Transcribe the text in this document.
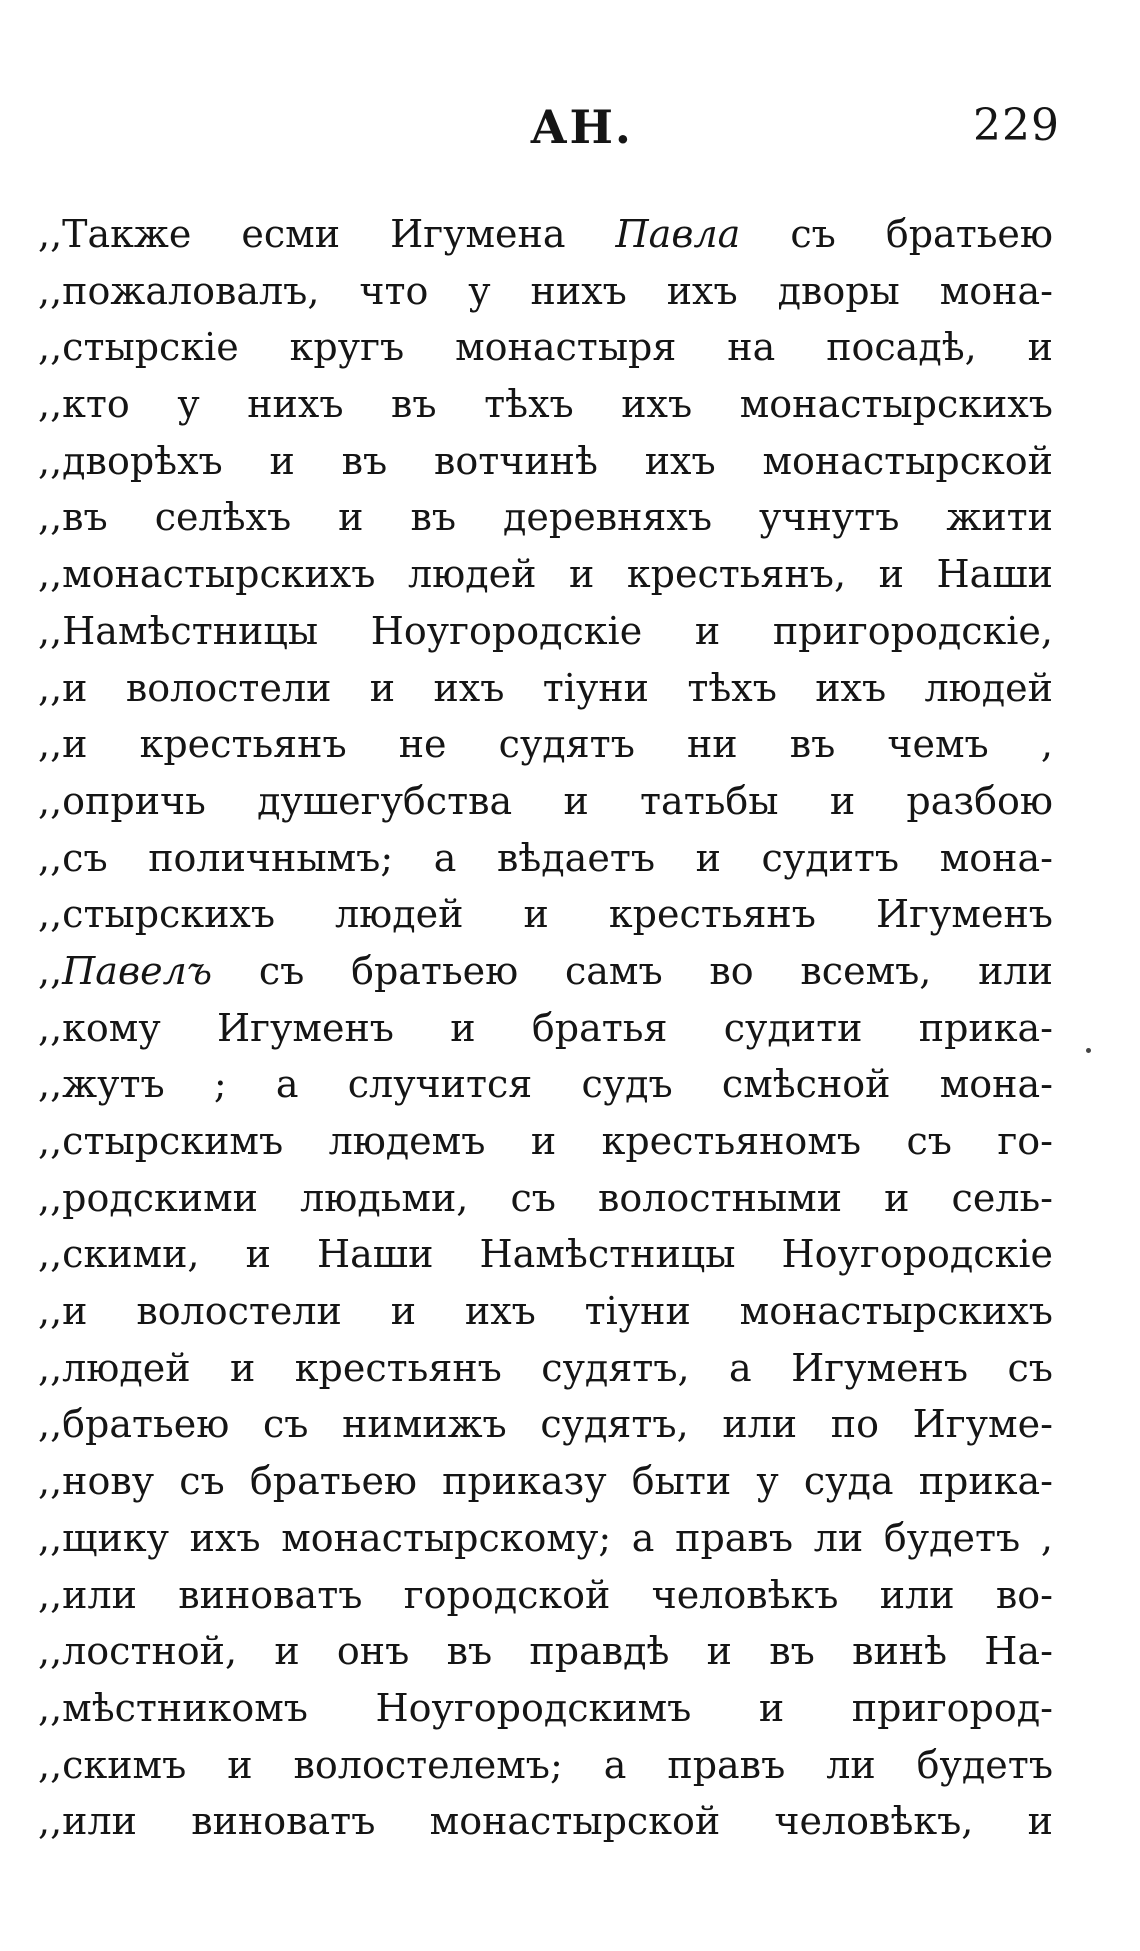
АН.	229
,,Также есми Игумена Павла съ братьею
,,пожаловалъ, что у нихъ ихъ дворы мона-
,,стырскіе кругъ монастыря на посадѣ, и
,,кто у нихъ въ тѣхъ ихъ монастырскихъ
,,дворѣхъ и въ вотчинѣ ихъ монастырской
,,въ селѣхъ и въ деревняхъ учнутъ жити
,,монастырскихъ людей и крестьянъ, и Наши
,,Намѣстницы Ноугородскіе и пригородскіе,
,,и волостели и ихъ тіуни тѣхъ ихъ людей
,,и крестьянъ не судятъ ни въ чемъ ,
,,опричь душегубства и татьбы и разбою
,,съ поличнымъ; а вѣдаетъ и судитъ мона-
,,стырскихъ людей и крестьянъ Игуменъ
,,Павелъ съ братьею самъ во всемъ, или
,,кому Игуменъ и братья судити прика-
,,жутъ ; а случится судъ смѣсной мона-
,,стырскимъ людемъ и крестьяномъ съ го-
,,родскими людьми, съ волостными и сель-
,,скими, и Наши Намѣстницы Ноугородскіе
,,и волостели и ихъ тіуни монастырскихъ
,,людей и крестьянъ судятъ, а Игуменъ съ
,,братьею съ нимижъ судятъ, или по Игуме-
,,нову съ братьею приказу быти у суда прика-
,,щику ихъ монастырскому; а правъ ли будетъ ,
,,или виноватъ городской человѣкъ или во-
,,лостной, и онъ въ правдѣ и въ винѣ На-
,,мѣстникомъ Ноугородскимъ и пригород-
,,скимъ и волостелемъ; а правъ ли будетъ
,,или виноватъ монастырской человѣкъ, и
